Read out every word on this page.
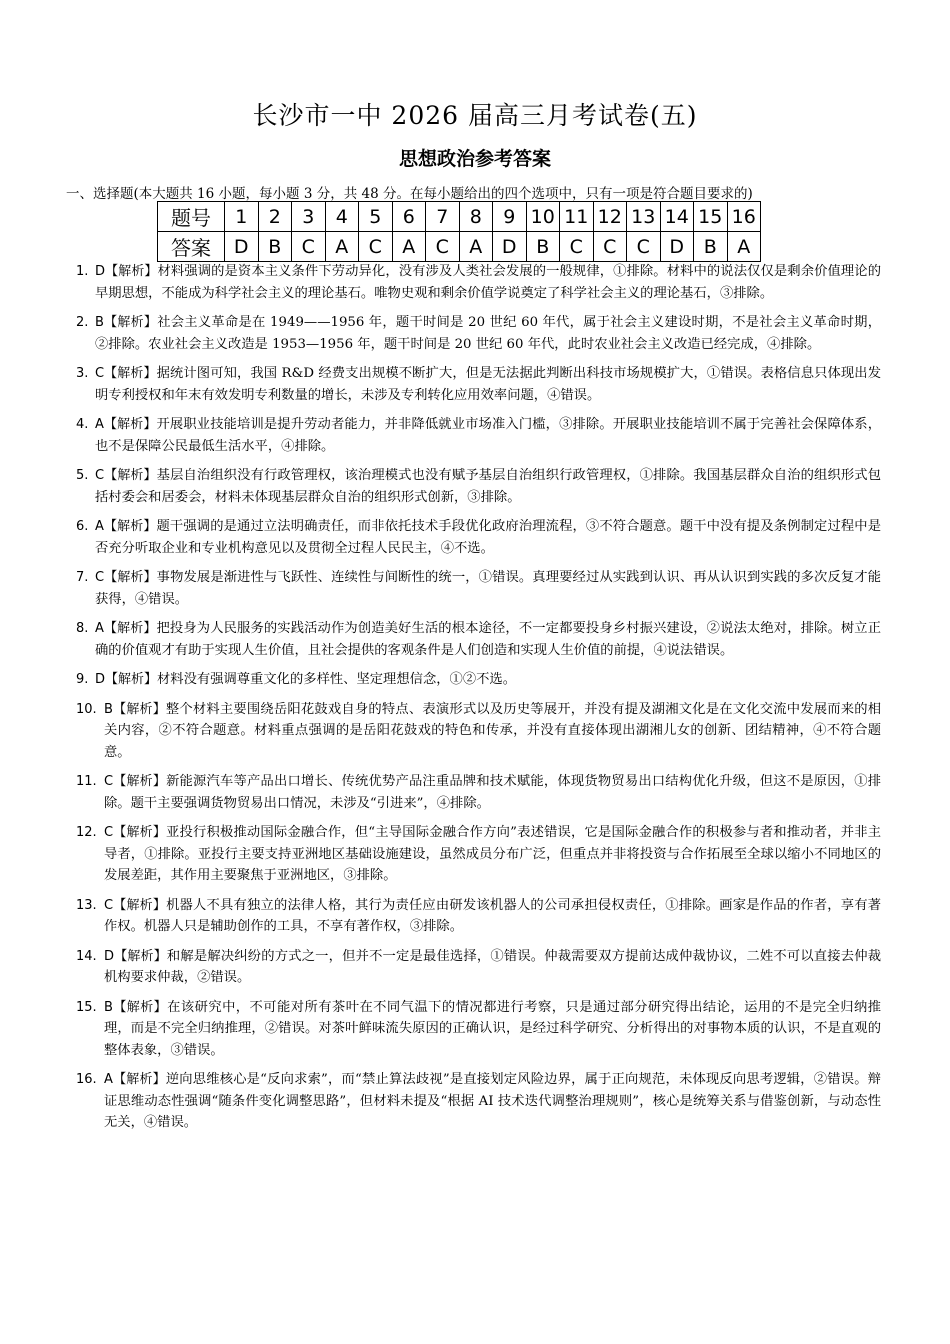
长沙市一中 2026 届高三月考试卷(五)
思想政治参考答案
一、选择题(本大题共 16 小题，每小题 3 分，共 48 分。在每小题给出的四个选项中，只有一项是符合题目要求的)
题号	1	2	3	4	5	6	7	8	9	10	11	12	13	14	15	16
答案	D	B	C	A	C	A	C	A	D	B	C	C	C	D	B	A
1. D【解析】材料强调的是资本主义条件下劳动异化，没有涉及人类社会发展的一般规律，①排除。材料中的说法仅仅是剩余价值理论的早期思想，不能成为科学社会主义的理论基石。唯物史观和剩余价值学说奠定了科学社会主义的理论基石，③排除。
2. B【解析】社会主义革命是在 1949——1956 年，题干时间是 20 世纪 60 年代，属于社会主义建设时期，不是社会主义革命时期，②排除。农业社会主义改造是 1953—1956 年，题干时间是 20 世纪 60 年代，此时农业社会主义改造已经完成，④排除。
3. C【解析】据统计图可知，我国 R&D 经费支出规模不断扩大，但是无法据此判断出科技市场规模扩大，①错误。表格信息只体现出发明专利授权和年末有效发明专利数量的增长，未涉及专利转化应用效率问题，④错误。
4. A【解析】开展职业技能培训是提升劳动者能力，并非降低就业市场准入门槛，③排除。开展职业技能培训不属于完善社会保障体系，也不是保障公民最低生活水平，④排除。
5. C【解析】基层自治组织没有行政管理权，该治理模式也没有赋予基层自治组织行政管理权，①排除。我国基层群众自治的组织形式包括村委会和居委会，材料未体现基层群众自治的组织形式创新，③排除。
6. A【解析】题干强调的是通过立法明确责任，而非依托技术手段优化政府治理流程，③不符合题意。题干中没有提及条例制定过程中是否充分听取企业和专业机构意见以及贯彻全过程人民民主，④不选。
7. C【解析】事物发展是渐进性与飞跃性、连续性与间断性的统一，①错误。真理要经过从实践到认识、再从认识到实践的多次反复才能获得，④错误。
8. A【解析】把投身为人民服务的实践活动作为创造美好生活的根本途径，不一定都要投身乡村振兴建设，②说法太绝对，排除。树立正确的价值观才有助于实现人生价值，且社会提供的客观条件是人们创造和实现人生价值的前提，④说法错误。
9. D【解析】材料没有强调尊重文化的多样性、坚定理想信念，①②不选。
10. B【解析】整个材料主要围绕岳阳花鼓戏自身的特点、表演形式以及历史等展开，并没有提及湖湘文化是在文化交流中发展而来的相关内容，②不符合题意。材料重点强调的是岳阳花鼓戏的特色和传承，并没有直接体现出湖湘儿女的创新、团结精神，④不符合题意。
11. C【解析】新能源汽车等产品出口增长、传统优势产品注重品牌和技术赋能，体现货物贸易出口结构优化升级，但这不是原因，①排除。题干主要强调货物贸易出口情况，未涉及“引进来”，④排除。
12. C【解析】亚投行积极推动国际金融合作，但“主导国际金融合作方向”表述错误，它是国际金融合作的积极参与者和推动者，并非主导者，①排除。亚投行主要支持亚洲地区基础设施建设，虽然成员分布广泛，但重点并非将投资与合作拓展至全球以缩小不同地区的发展差距，其作用主要聚焦于亚洲地区，③排除。
13. C【解析】机器人不具有独立的法律人格，其行为责任应由研发该机器人的公司承担侵权责任，①排除。画家是作品的作者，享有著作权。机器人只是辅助创作的工具，不享有著作权，③排除。
14. D【解析】和解是解决纠纷的方式之一，但并不一定是最佳选择，①错误。仲裁需要双方提前达成仲裁协议，二姓不可以直接去仲裁机构要求仲裁，②错误。
15. B【解析】在该研究中，不可能对所有茶叶在不同气温下的情况都进行考察，只是通过部分研究得出结论，运用的不是完全归纳推理，而是不完全归纳推理，②错误。对茶叶鲜味流失原因的正确认识，是经过科学研究、分析得出的对事物本质的认识，不是直观的整体表象，③错误。
16. A【解析】逆向思维核心是“反向求索”，而“禁止算法歧视”是直接划定风险边界，属于正向规范，未体现反向思考逻辑，②错误。辩证思维动态性强调“随条件变化调整思路”，但材料未提及“根据 AI 技术迭代调整治理规则”，核心是统筹关系与借鉴创新，与动态性无关，④错误。
